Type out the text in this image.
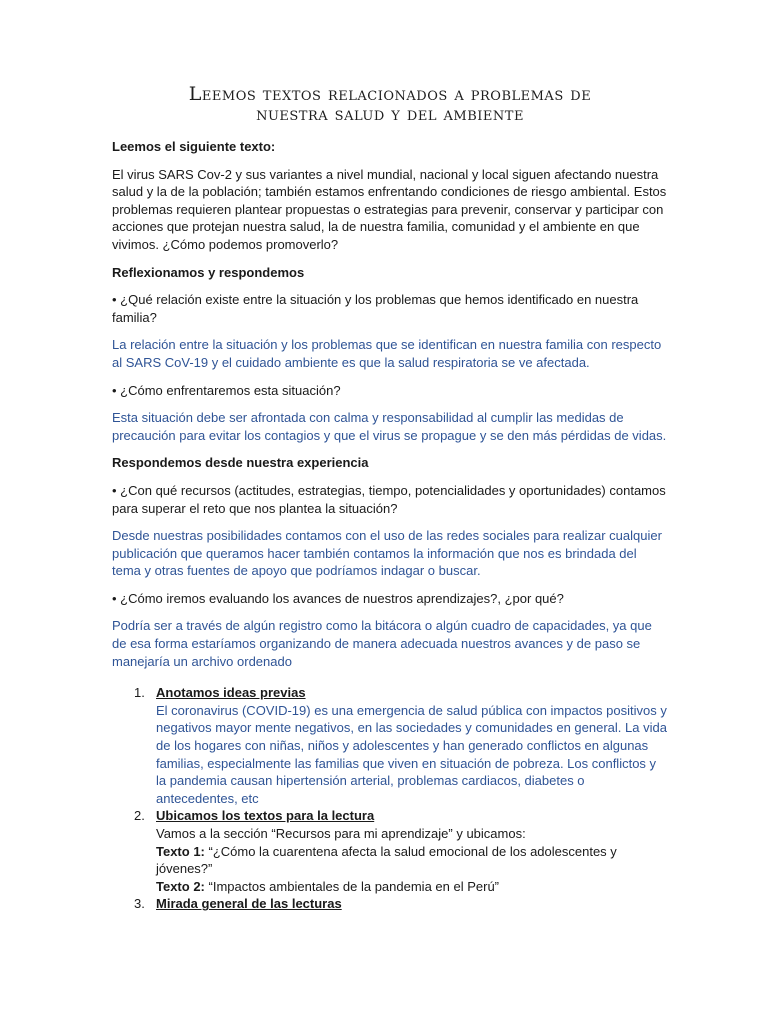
Leemos textos relacionados a problemas de
nuestra salud y del ambiente

Leemos el siguiente texto:

El virus SARS Cov-2 y sus variantes a nivel mundial, nacional y local siguen afectando nuestra salud y la de la población; también estamos enfrentando condiciones de riesgo ambiental. Estos problemas requieren plantear propuestas o estrategias para prevenir, conservar y participar con acciones que protejan nuestra salud, la de nuestra familia, comunidad y el ambiente en que vivimos. ¿Cómo podemos promoverlo?

Reflexionamos y respondemos

• ¿Qué relación existe entre la situación y los problemas que hemos identificado en nuestra familia?

La relación entre la situación y los problemas que se identifican en nuestra familia con respecto al SARS CoV-19 y el cuidado ambiente es que la salud respiratoria se ve afectada.

• ¿Cómo enfrentaremos esta situación?

Esta situación debe ser afrontada con calma y responsabilidad al cumplir las medidas de precaución para evitar los contagios y que el virus se propague y se den más pérdidas de vidas.

Respondemos desde nuestra experiencia

• ¿Con qué recursos (actitudes, estrategias, tiempo, potencialidades y oportunidades) contamos para superar el reto que nos plantea la situación?

Desde nuestras posibilidades contamos con el uso de las redes sociales para realizar cualquier publicación que queramos hacer también contamos la información que nos es brindada del tema y otras fuentes de apoyo que podríamos indagar o buscar.

• ¿Cómo iremos evaluando los avances de nuestros aprendizajes?, ¿por qué?

Podría ser a través de algún registro como la bitácora o algún cuadro de capacidades, ya que de esa forma estaríamos organizando de manera adecuada nuestros avances y de paso se manejaría un archivo ordenado

1. Anotamos ideas previas
El coronavirus (COVID-19) es una emergencia de salud pública con impactos positivos y negativos mayor mente negativos, en las sociedades y comunidades en general. La vida de los hogares con niñas, niños y adolescentes y han generado conflictos en algunas familias, especialmente las familias que viven en situación de pobreza. Los conflictos y la pandemia causan hipertensión arterial, problemas cardiacos, diabetes o antecedentes, etc
2. Ubicamos los textos para la lectura
Vamos a la sección “Recursos para mi aprendizaje” y ubicamos:
Texto 1: “¿Cómo la cuarentena afecta la salud emocional de los adolescentes y jóvenes?”
Texto 2: “Impactos ambientales de la pandemia en el Perú”
3. Mirada general de las lecturas
